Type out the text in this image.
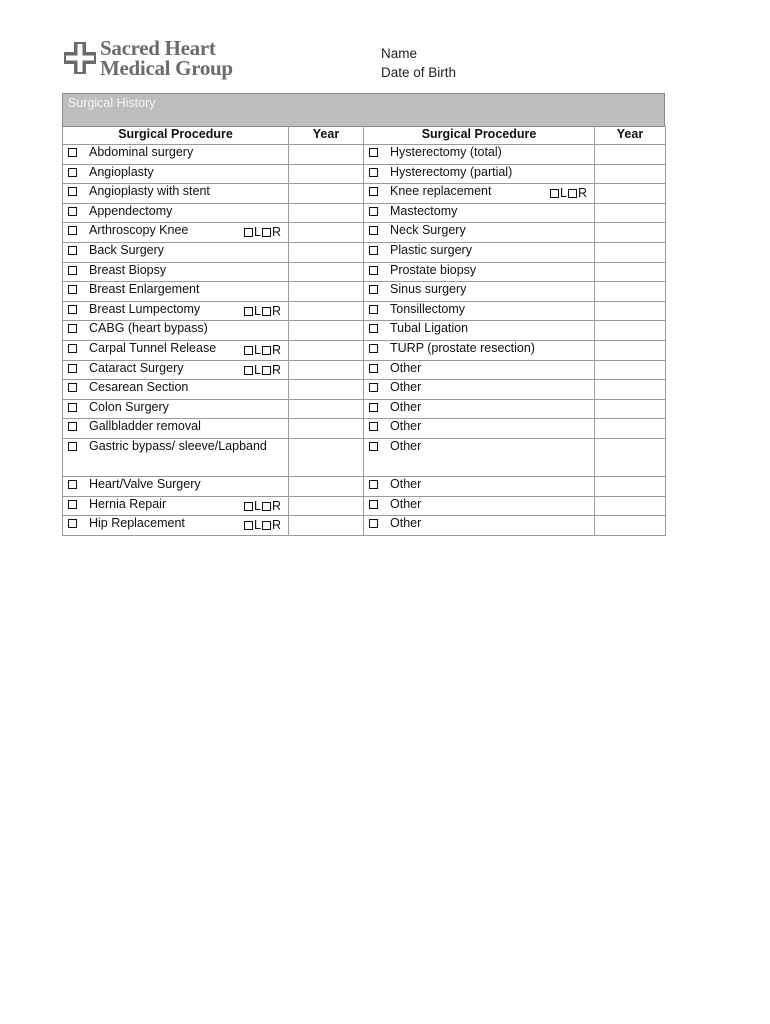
Sacred Heart
Medical Group
Name
Date of Birth
Surgical History
Surgical Procedure	Year	Surgical Procedure	Year
Abdominal surgery		Hysterectomy (total)	
Angioplasty		Hysterectomy (partial)	
Angioplasty with stent		Knee replacement L R	

Appendectomy		Mastectomy	
Arthroscopy Knee L R		Neck Surgery	
Back Surgery		Plastic surgery	
Breast Biopsy		Prostate biopsy	
Breast Enlargement		Sinus surgery	
Breast Lumpectomy L R		Tonsillectomy	
CABG (heart bypass)		Tubal Ligation	
Carpal Tunnel Release L R		TURP (prostate resection)	
Cataract Surgery L R		Other	
Cesarean Section		Other	
Colon Surgery		Other	
Gallbladder removal		Other	
Gastric bypass/ sleeve/Lapband		Other	
Heart/Valve Surgery		Other	
Hernia Repair L R		Other	
Hip Replacement L R		Other	
